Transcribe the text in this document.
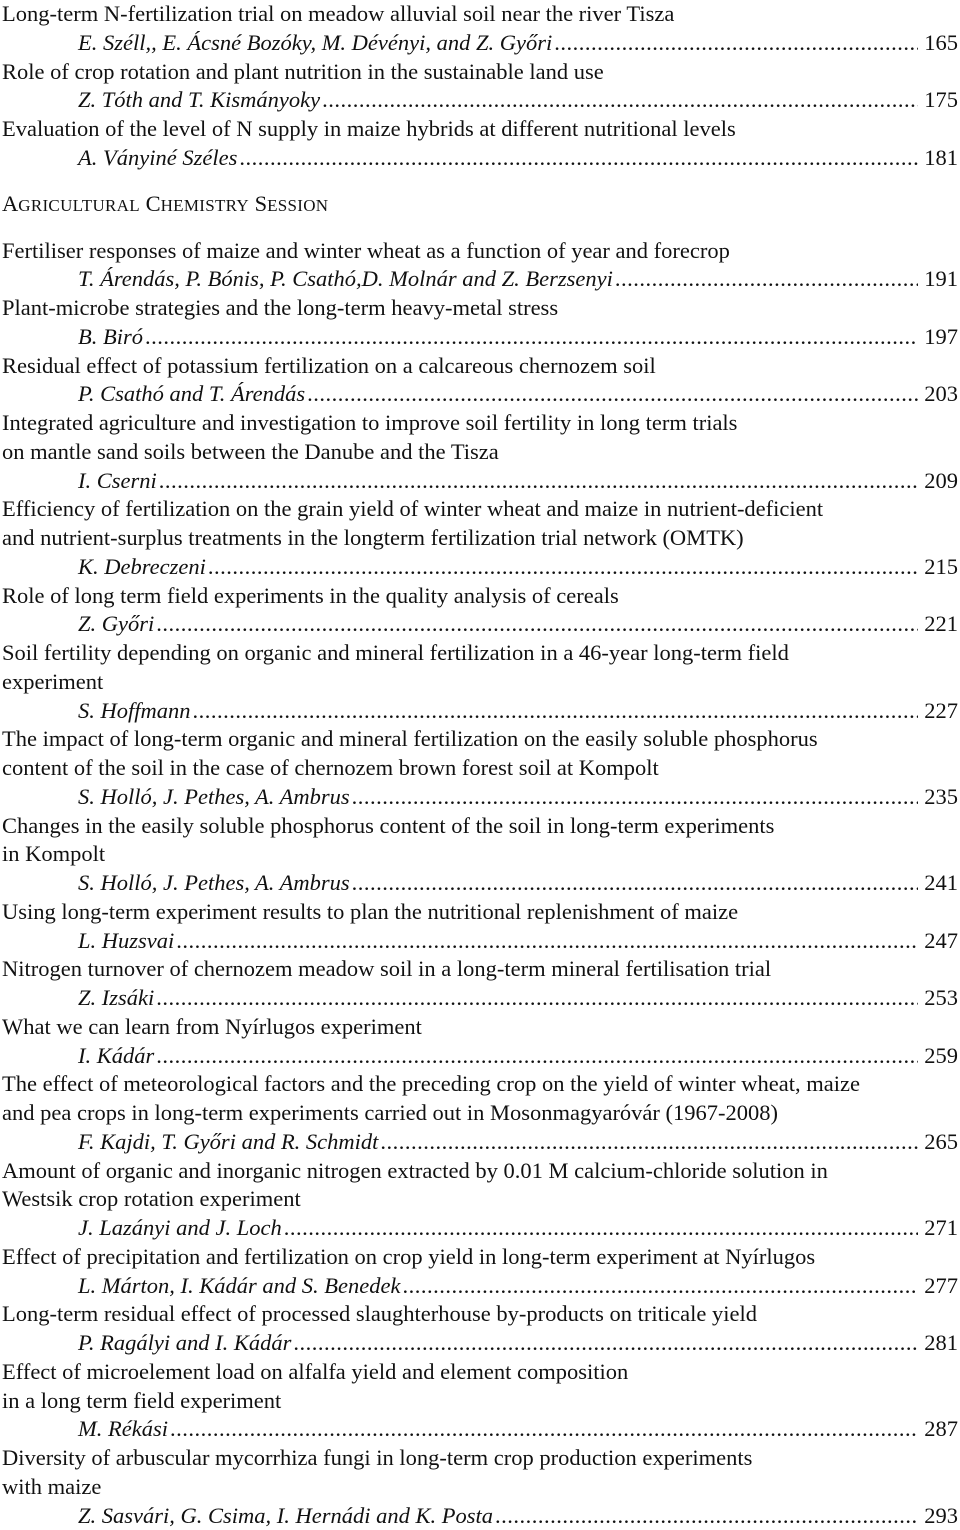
Long-term N-fertilization trial on meadow alluvial soil near the river Tisza
E. Széll,, E. Ácsné Bozóky, M. Dévényi, and Z. Győri .....	165
Role of crop rotation and plant nutrition in the sustainable land use
Z. Tóth and T. Kismányoky .....	175
Evaluation of the level of N supply in maize hybrids at different nutritional levels
A. Ványiné Széles .....	181
AGRICULTURAL CHEMISTRY SESSION
Fertiliser responses of maize and winter wheat as a function of year and forecrop
T. Árendás, P. Bónis, P. Csathó,D. Molnár and Z. Berzsenyi .....	191
Plant-microbe strategies and the long-term heavy-metal stress
B. Biró .....	197
Residual effect of potassium fertilization on a calcareous chernozem soil
P. Csathó and T. Árendás .....	203
Integrated agriculture and investigation to improve soil fertility in long term trials
on mantle sand soils between the Danube and the Tisza
I. Cserni .....	209
Efficiency of fertilization on the grain yield of winter wheat and maize in nutrient-deficient
and nutrient-surplus treatments in the longterm fertilization trial network (OMTK)
K. Debreczeni .....	215
Role of long term field experiments in the quality analysis of cereals
Z. Győri .....	221
Soil fertility depending on organic and mineral fertilization in a 46-year long-term field
experiment
S. Hoffmann .....	227
The impact of long-term organic and mineral fertilization on the easily soluble phosphorus
content of the soil in the case of chernozem brown forest soil at Kompolt
S. Holló, J. Pethes, A. Ambrus .....	235
Changes in the easily soluble phosphorus content of the soil in long-term experiments
in Kompolt
S. Holló, J. Pethes, A. Ambrus .....	241
Using long-term experiment results to plan the nutritional replenishment of maize
L. Huzsvai .....	247
Nitrogen turnover of chernozem meadow soil in a long-term mineral fertilisation trial
Z. Izsáki .....	253
What we can learn from Nyírlugos experiment
I. Kádár .....	259
The effect of meteorological factors and the preceding crop on the yield of winter wheat, maize
and pea crops in long-term experiments carried out in Mosonmagyaróvár (1967-2008)
F. Kajdi, T. Győri and R. Schmidt .....	265
Amount of organic and inorganic nitrogen extracted by 0.01 M calcium-chloride solution in
Westsik crop rotation experiment
J. Lazányi and J. Loch .....	271
Effect of precipitation and fertilization on crop yield in long-term experiment at Nyírlugos
L. Márton, I. Kádár and S. Benedek .....	277
Long-term residual effect of processed slaughterhouse by-products on triticale yield
P. Ragályi and I. Kádár .....	281
Effect of microelement load on alfalfa yield and element composition
in a long term field experiment
M. Rékási .....	287
Diversity of arbuscular mycorrhiza fungi in long-term crop production experiments
with maize
Z. Sasvári, G. Csima, I. Hernádi and K. Posta .....	293
